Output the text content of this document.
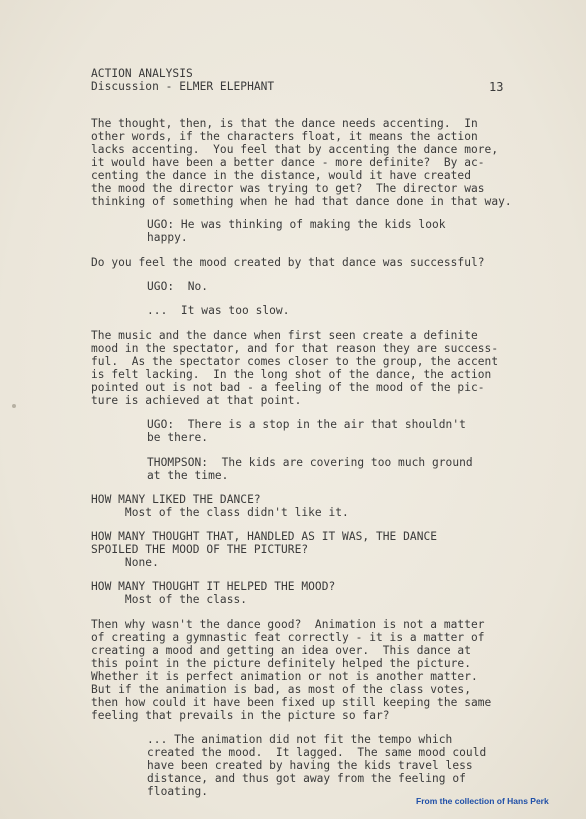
ACTION ANALYSIS
Discussion - ELMER ELEPHANT	13
The thought, then, is that the dance needs accenting.  In
other words, if the characters float, it means the action
lacks accenting.  You feel that by accenting the dance more,
it would have been a better dance - more definite?  By ac-
centing the dance in the distance, would it have created
the mood the director was trying to get?  The director was
thinking of something when he had that dance done in that way.
UGO: He was thinking of making the kids look
happy.
Do you feel the mood created by that dance was successful?
UGO:  No.
...  It was too slow.
The music and the dance when first seen create a definite
mood in the spectator, and for that reason they are success-
ful.  As the spectator comes closer to the group, the accent
is felt lacking.  In the long shot of the dance, the action
pointed out is not bad - a feeling of the mood of the pic-
ture is achieved at that point.
UGO:  There is a stop in the air that shouldn't
be there.
THOMPSON:  The kids are covering too much ground
at the time.
HOW MANY LIKED THE DANCE?
Most of the class didn't like it.
HOW MANY THOUGHT THAT, HANDLED AS IT WAS, THE DANCE
SPOILED THE MOOD OF THE PICTURE?
None.
HOW MANY THOUGHT IT HELPED THE MOOD?
Most of the class.
Then why wasn't the dance good?  Animation is not a matter
of creating a gymnastic feat correctly - it is a matter of
creating a mood and getting an idea over.  This dance at
this point in the picture definitely helped the picture.
Whether it is perfect animation or not is another matter.
But if the animation is bad, as most of the class votes,
then how could it have been fixed up still keeping the same
feeling that prevails in the picture so far?
... The animation did not fit the tempo which
created the mood.  It lagged.  The same mood could
have been created by having the kids travel less
distance, and thus got away from the feeling of
floating.
From the collection of Hans Perk
